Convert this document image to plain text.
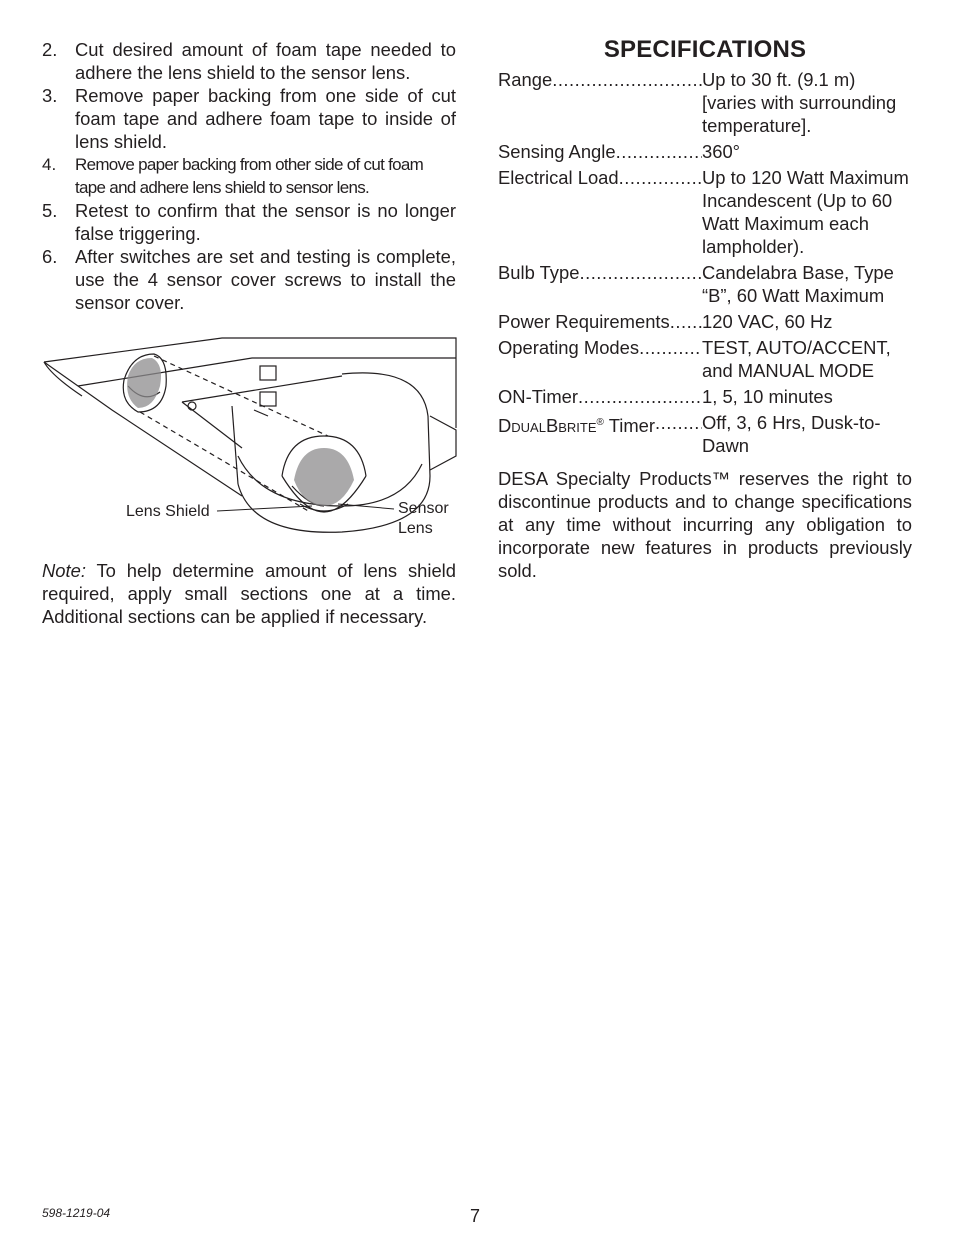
2. Cut desired amount of foam tape needed to adhere the lens shield to the sensor lens.
3. Remove paper backing from one side of cut foam tape and adhere foam tape to inside of lens shield.
4. Remove paper backing from other side of cut foam tape and adhere lens shield to sensor lens.
5. Retest to confirm that the sensor is no longer false triggering.
6. After switches are set and testing is complete, use the 4 sensor cover screws to install the sensor cover.
Lens Shield	Sensor
Lens

Note: To help determine amount of lens shield required, apply small sections one at a time. Additional sections can be applied if necessary.

SPECIFICATIONS
Range .....	Up to 30 ft. (9.1 m) [varies with surrounding temperature].
Sensing Angle .....	360°
Electrical Load .....	Up to 120 Watt Maximum Incandescent (Up to 60 Watt Maximum each lampholder).
Bulb Type .....	Candelabra Base, Type “B”, 60 Watt Maximum
Power Requirements ..... 120 VAC, 60 Hz
Operating Modes .....	TEST, AUTO/ACCENT, and MANUAL MODE
ON-Timer .....	1, 5, 10 minutes
DDUALBBRITE® Timer .....	Off, 3, 6 Hrs, Dusk-to-Dawn

DESA Specialty Products™ reserves the right to discontinue products and to change specifications at any time without incurring any obligation to incorporate new features in products previously sold.

598-1219-04	7
